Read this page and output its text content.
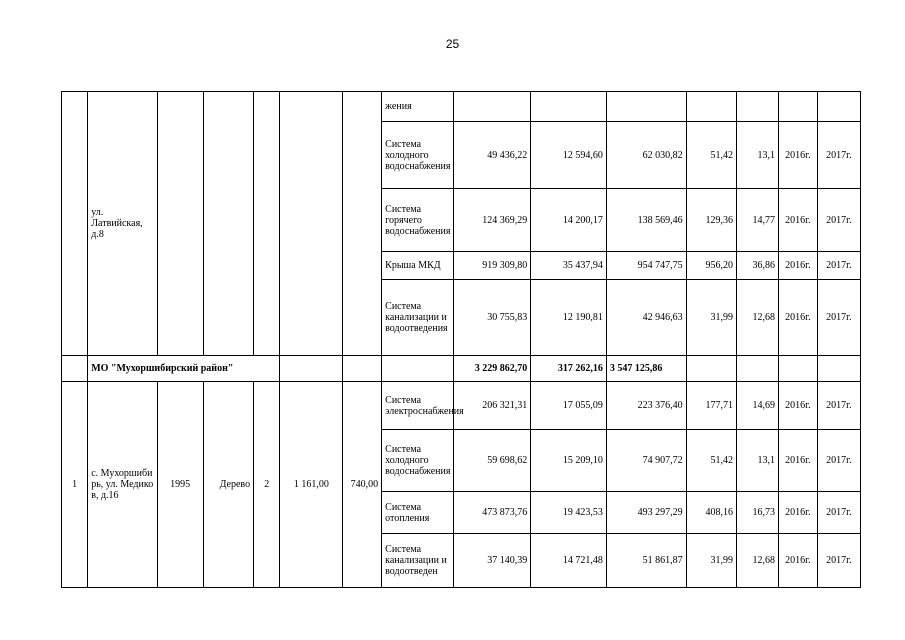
25
	ул. Латвийская, д.8						жения							
							Система холодного водоснабжения	49 436,22	12 594,60	62 030,82	51,42	13,1	2016г.	2017г.
							Система горячего водоснабжения	124 369,29	14 200,17	138 569,46	129,36	14,77	2016г.	2017г.
							Крыша МКД	919 309,80	35 437,94	954 747,75	956,20	36,86	2016г.	2017г.
							Система канализации и водоотведения	30 755,83	12 190,81	42 946,63	31,99	12,68	2016г.	2017г.
	МО "Мухоршибирский район"							3 229 862,70	317 262,16	3 547 125,86				
1	с. Мухоршибирь, ул. Медиков, д.16	1995	Дерево	2	1 161,00	740,00	Система электроснабжения	206 321,31	17 055,09	223 376,40	177,71	14,69	2016г.	2017г.
							Система холодного водоснабжения	59 698,62	15 209,10	74 907,72	51,42	13,1	2016г.	2017г.
							Система отопления	473 873,76	19 423,53	493 297,29	408,16	16,73	2016г.	2017г.
							Система канализации и водоотведен	37 140,39	14 721,48	51 861,87	31,99	12,68	2016г.	2017г.
